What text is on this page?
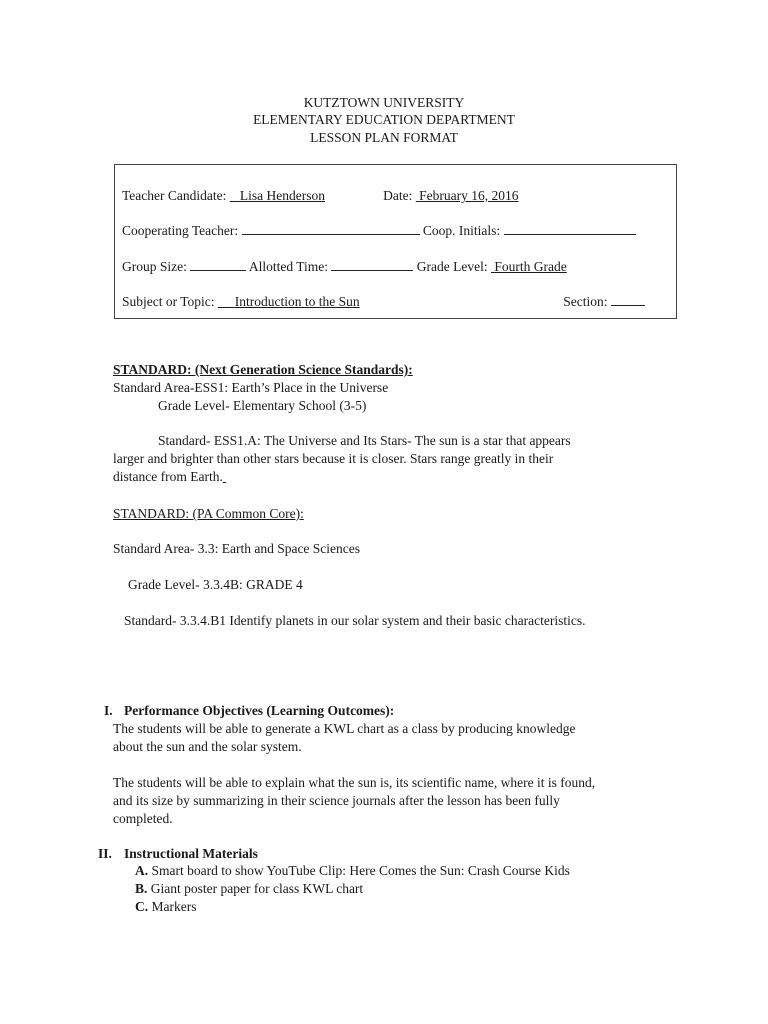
KUTZTOWN UNIVERSITY
ELEMENTARY EDUCATION DEPARTMENT
LESSON PLAN FORMAT
Teacher Candidate: Lisa Henderson	Date: February 16, 2016
Cooperating Teacher:	Coop. Initials:
Group Size:	Allotted Time:	Grade Level: Fourth Grade
Subject or Topic: Introduction to the Sun	Section:
STANDARD: (Next Generation Science Standards):
Standard Area-ESS1: Earth’s Place in the Universe
Grade Level- Elementary School (3-5)
Standard- ESS1.A: The Universe and Its Stars- The sun is a star that appears
larger and brighter than other stars because it is closer. Stars range greatly in their
distance from Earth.
STANDARD: (PA Common Core):
Standard Area- 3.3: Earth and Space Sciences
Grade Level- 3.3.4B: GRADE 4
Standard- 3.3.4.B1 Identify planets in our solar system and their basic characteristics.
I. Performance Objectives (Learning Outcomes):
The students will be able to generate a KWL chart as a class by producing knowledge
about the sun and the solar system.
The students will be able to explain what the sun is, its scientific name, where it is found,
and its size by summarizing in their science journals after the lesson has been fully
completed.
II. Instructional Materials
A. Smart board to show YouTube Clip: Here Comes the Sun: Crash Course Kids
B. Giant poster paper for class KWL chart
C. Markers
